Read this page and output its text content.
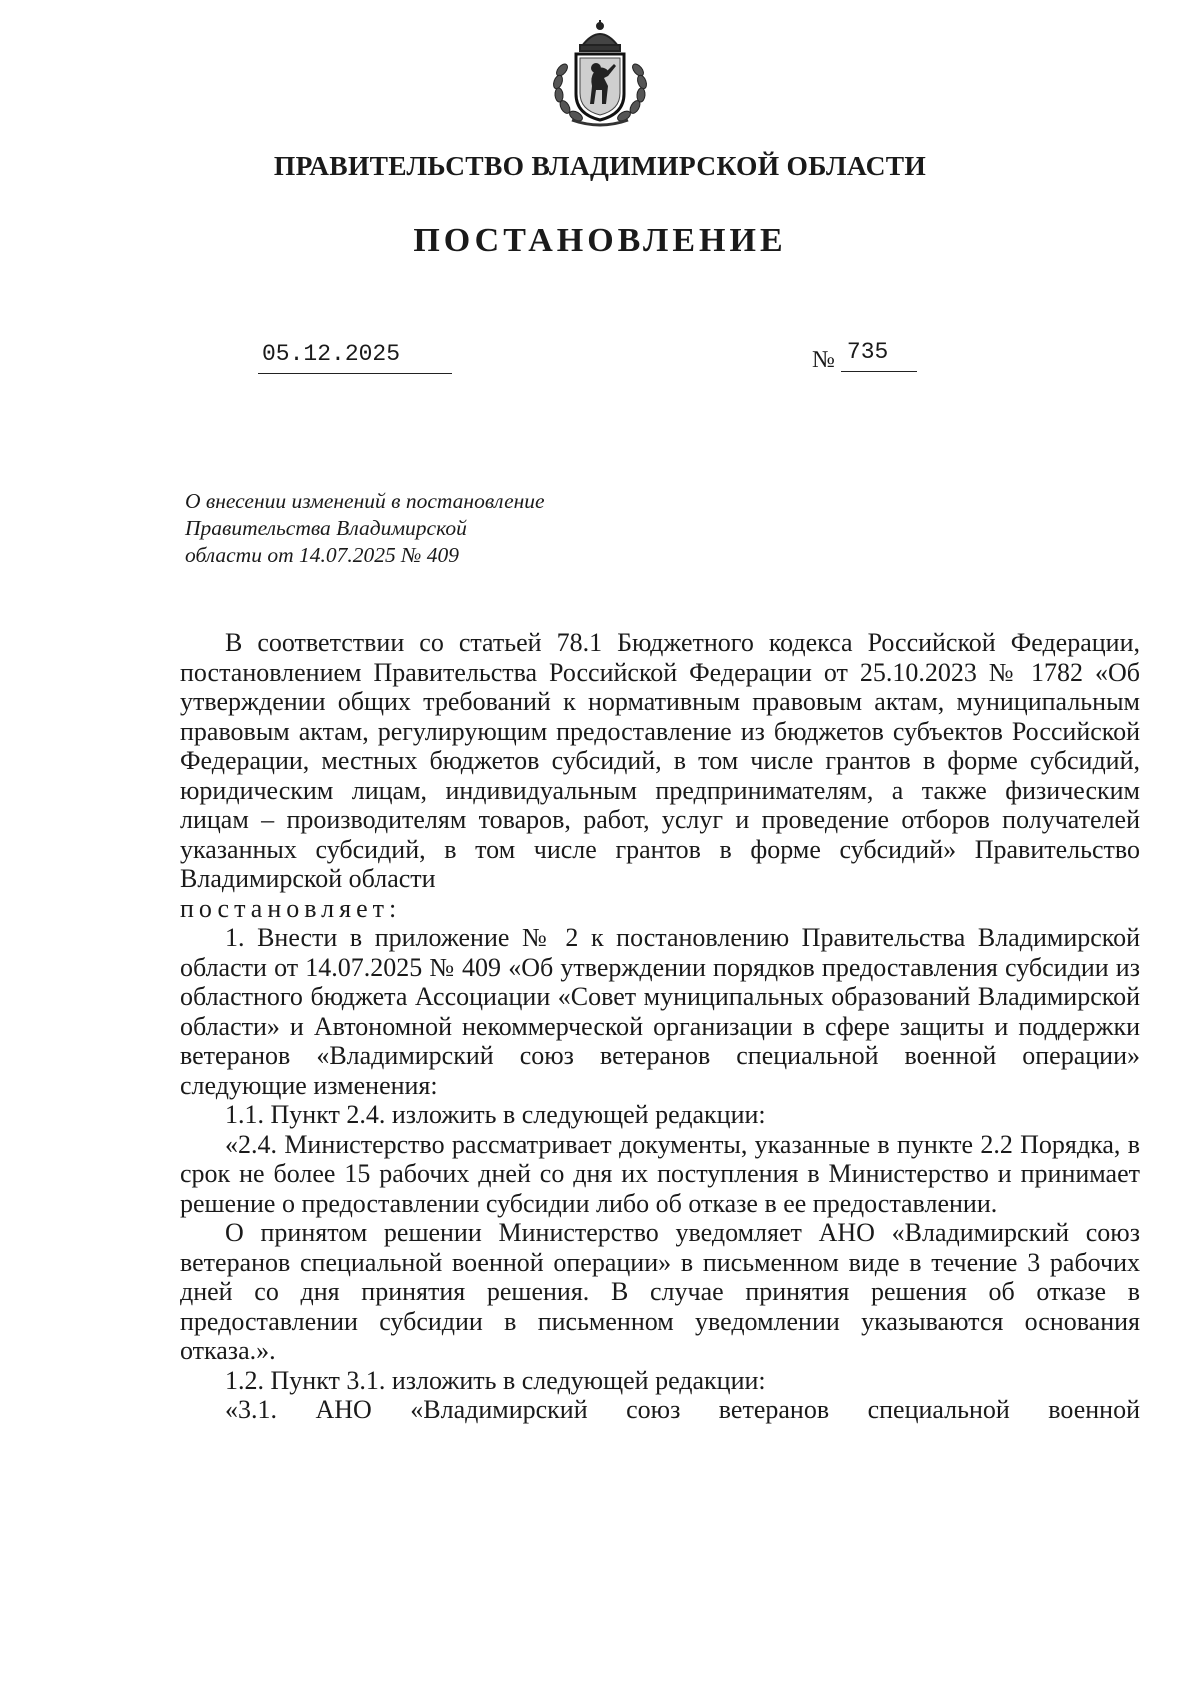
ПРАВИТЕЛЬСТВО ВЛАДИМИРСКОЙ ОБЛАСТИ
ПОСТАНОВЛЕНИЕ
05.12.2025	№ 735
О внесении изменений в постановление
Правительства Владимирской
области от 14.07.2025 № 409

В соответствии со статьей 78.1 Бюджетного кодекса Российской Федерации, постановлением Правительства Российской Федерации от 25.10.2023 № 1782 «Об утверждении общих требований к нормативным правовым актам, муниципальным правовым актам, регулирующим предоставление из бюджетов субъектов Российской Федерации, местных бюджетов субсидий, в том числе грантов в форме субсидий, юридическим лицам, индивидуальным предпринимателям, а также физическим лицам – производителям товаров, работ, услуг и проведение отборов получателей указанных субсидий, в том числе грантов в форме субсидий» Правительство Владимирской области

постановляет:

1. Внести в приложение № 2 к постановлению Правительства Владимирской области от 14.07.2025 № 409 «Об утверждении порядков предоставления субсидии из областного бюджета Ассоциации «Совет муниципальных образований Владимирской области» и Автономной некоммерческой организации в сфере защиты и поддержки ветеранов «Владимирский союз ветеранов специальной военной операции» следующие изменения:

1.1. Пункт 2.4. изложить в следующей редакции:

«2.4. Министерство рассматривает документы, указанные в пункте 2.2 Порядка, в срок не более 15 рабочих дней со дня их поступления в Министерство и принимает решение о предоставлении субсидии либо об отказе в ее предоставлении.

О принятом решении Министерство уведомляет АНО «Владимирский союз ветеранов специальной военной операции» в письменном виде в течение 3 рабочих дней со дня принятия решения. В случае принятия решения об отказе в предоставлении субсидии в письменном уведомлении указываются основания отказа.».

1.2. Пункт 3.1. изложить в следующей редакции:

«3.1. АНО «Владимирский союз ветеранов специальной военной
